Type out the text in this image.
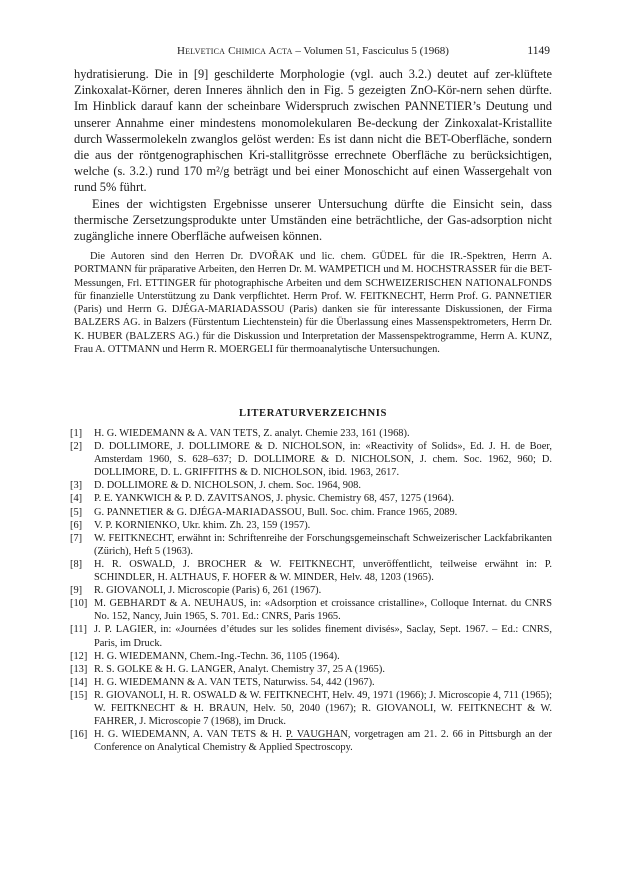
Helvetica Chimica Acta – Volumen 51, Fasciculus 5 (1968)	1149

hydratisierung. Die in [9] geschilderte Morphologie (vgl. auch 3.2.) deutet auf zer-klüftete Zinkoxalat-Körner, deren Inneres ähnlich den in Fig. 5 gezeigten ZnO-Kör-nern sehen dürfte. Im Hinblick darauf kann der scheinbare Widerspruch zwischen PANNETIER’s Deutung und unserer Annahme einer mindestens monomolekularen Be-deckung der Zinkoxalat-Kristallite durch Wassermolekeln zwanglos gelöst werden: Es ist dann nicht die BET-Oberfläche, sondern die aus der röntgenographischen Kri-stallitgrösse errechnete Oberfläche zu berücksichtigen, welche (s. 3.2.) rund 170 m²/g beträgt und bei einer Monoschicht auf einen Wassergehalt von rund 5% führt.

Eines der wichtigsten Ergebnisse unserer Untersuchung dürfte die Einsicht sein, dass thermische Zersetzungsprodukte unter Umständen eine beträchtliche, der Gas-adsorption nicht zugängliche innere Oberfläche aufweisen können.

Die Autoren sind den Herren Dr. DVOŘAK und lic. chem. GÜDEL für die IR.-Spektren, Herrn A. PORTMANN für präparative Arbeiten, den Herren Dr. M. WAMPETICH und M. HOCHSTRASSER für die BET-Messungen, Frl. ETTINGER für photographische Arbeiten und dem SCHWEIZERISCHEN NATIONALFONDS für finanzielle Unterstützung zu Dank verpflichtet. Herrn Prof. W. FEITKNECHT, Herrn Prof. G. PANNETIER (Paris) und Herrn G. DJÉGA-MARIADASSOU (Paris) danken sie für interessante Diskussionen, der Firma BALZERS AG. in Balzers (Fürstentum Liechtenstein) für die Überlassung eines Massenspektrometers, Herrn Dr. K. HUBER (BALZERS AG.) für die Diskussion und Interpretation der Massenspektrogramme, Herrn A. KUNZ, Frau A. OTTMANN und Herrn R. MOERGELI für thermoanalytische Untersuchungen.

LITERATURVERZEICHNIS
[1] H. G. WIEDEMANN & A. VAN TETS, Z. analyt. Chemie 233, 161 (1968).
[2] D. DOLLIMORE, J. DOLLIMORE & D. NICHOLSON, in: «Reactivity of Solids», Ed. J. H. de Boer, Amsterdam 1960, S. 628–637; D. DOLLIMORE & D. NICHOLSON, J. chem. Soc. 1962, 960; D. DOLLIMORE, D. L. GRIFFITHS & D. NICHOLSON, ibid. 1963, 2617.
[3] D. DOLLIMORE & D. NICHOLSON, J. chem. Soc. 1964, 908.
[4] P. E. YANKWICH & P. D. ZAVITSANOS, J. physic. Chemistry 68, 457, 1275 (1964).
[5] G. PANNETIER & G. DJÉGA-MARIADASSOU, Bull. Soc. chim. France 1965, 2089.
[6] V. P. KORNIENKO, Ukr. khim. Zh. 23, 159 (1957).
[7] W. FEITKNECHT, erwähnt in: Schriftenreihe der Forschungsgemeinschaft Schweizerischer Lackfabrikanten (Zürich), Heft 5 (1963).
[8] H. R. OSWALD, J. BROCHER & W. FEITKNECHT, unveröffentlicht, teilweise erwähnt in: P. SCHINDLER, H. ALTHAUS, F. HOFER & W. MINDER, Helv. 48, 1203 (1965).
[9] R. GIOVANOLI, J. Microscopie (Paris) 6, 261 (1967).
[10] M. GEBHARDT & A. NEUHAUS, in: «Adsorption et croissance cristalline», Colloque Internat. du CNRS No. 152, Nancy, Juin 1965, S. 701. Ed.: CNRS, Paris 1965.
[11] J. P. LAGIER, in: «Journées d’études sur les solides finement divisés», Saclay, Sept. 1967. – Ed.: CNRS, Paris, im Druck.
[12] H. G. WIEDEMANN, Chem.-Ing.-Techn. 36, 1105 (1964).
[13] R. S. GOLKE & H. G. LANGER, Analyt. Chemistry 37, 25 A (1965).
[14] H. G. WIEDEMANN & A. VAN TETS, Naturwiss. 54, 442 (1967).
[15] R. GIOVANOLI, H. R. OSWALD & W. FEITKNECHT, Helv. 49, 1971 (1966); J. Microscopie 4, 711 (1965); W. FEITKNECHT & H. BRAUN, Helv. 50, 2040 (1967); R. GIOVANOLI, W. FEITKNECHT & W. FAHRER, J. Microscopie 7 (1968), im Druck.
[16] H. G. WIEDEMANN, A. VAN TETS & H. P. VAUGHAN, vorgetragen am 21. 2. 66 in Pittsburgh an der Conference on Analytical Chemistry & Applied Spectroscopy.
